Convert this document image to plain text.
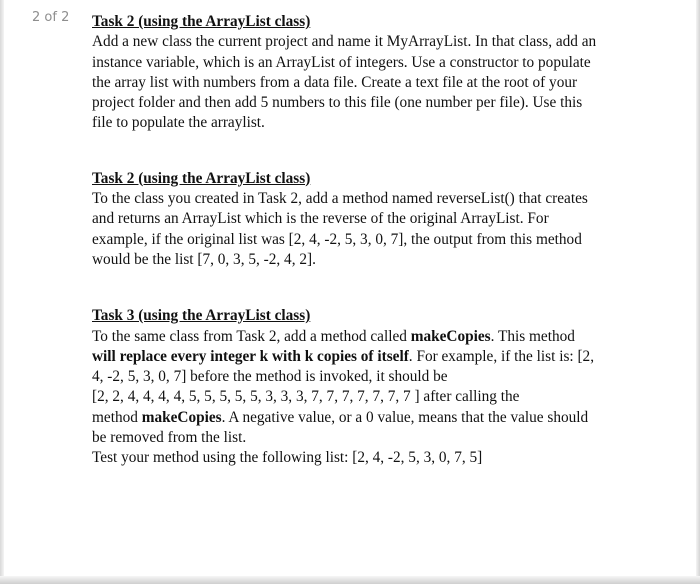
2 of 2 Task 2 (using the ArrayList class)
Add a new class the current project and name it MyArrayList. In that class, add an
instance variable, which is an ArrayList of integers. Use a constructor to populate
the array list with numbers from a data file. Create a text file at the root of your
project folder and then add 5 numbers to this file (one number per file). Use this
file to populate the arraylist.
Task 2 (using the ArrayList class)
To the class you created in Task 2, add a method named reverseList() that creates
and returns an ArrayList which is the reverse of the original ArrayList. For
example, if the original list was [2, 4, -2, 5, 3, 0, 7], the output from this method
would be the list [7, 0, 3, 5, -2, 4, 2].
Task 3 (using the ArrayList class)
To the same class from Task 2, add a method called makeCopies. This method
will replace every integer k with k copies of itself. For example, if the list is: [2,
4, -2, 5, 3, 0, 7] before the method is invoked, it should be
[2, 2, 4, 4, 4, 4, 5, 5, 5, 5, 5, 3, 3, 3, 7, 7, 7, 7, 7, 7, 7 ] after calling the
method makeCopies. A negative value, or a 0 value, means that the value should
be removed from the list.
Test your method using the following list: [2, 4, -2, 5, 3, 0, 7, 5]
